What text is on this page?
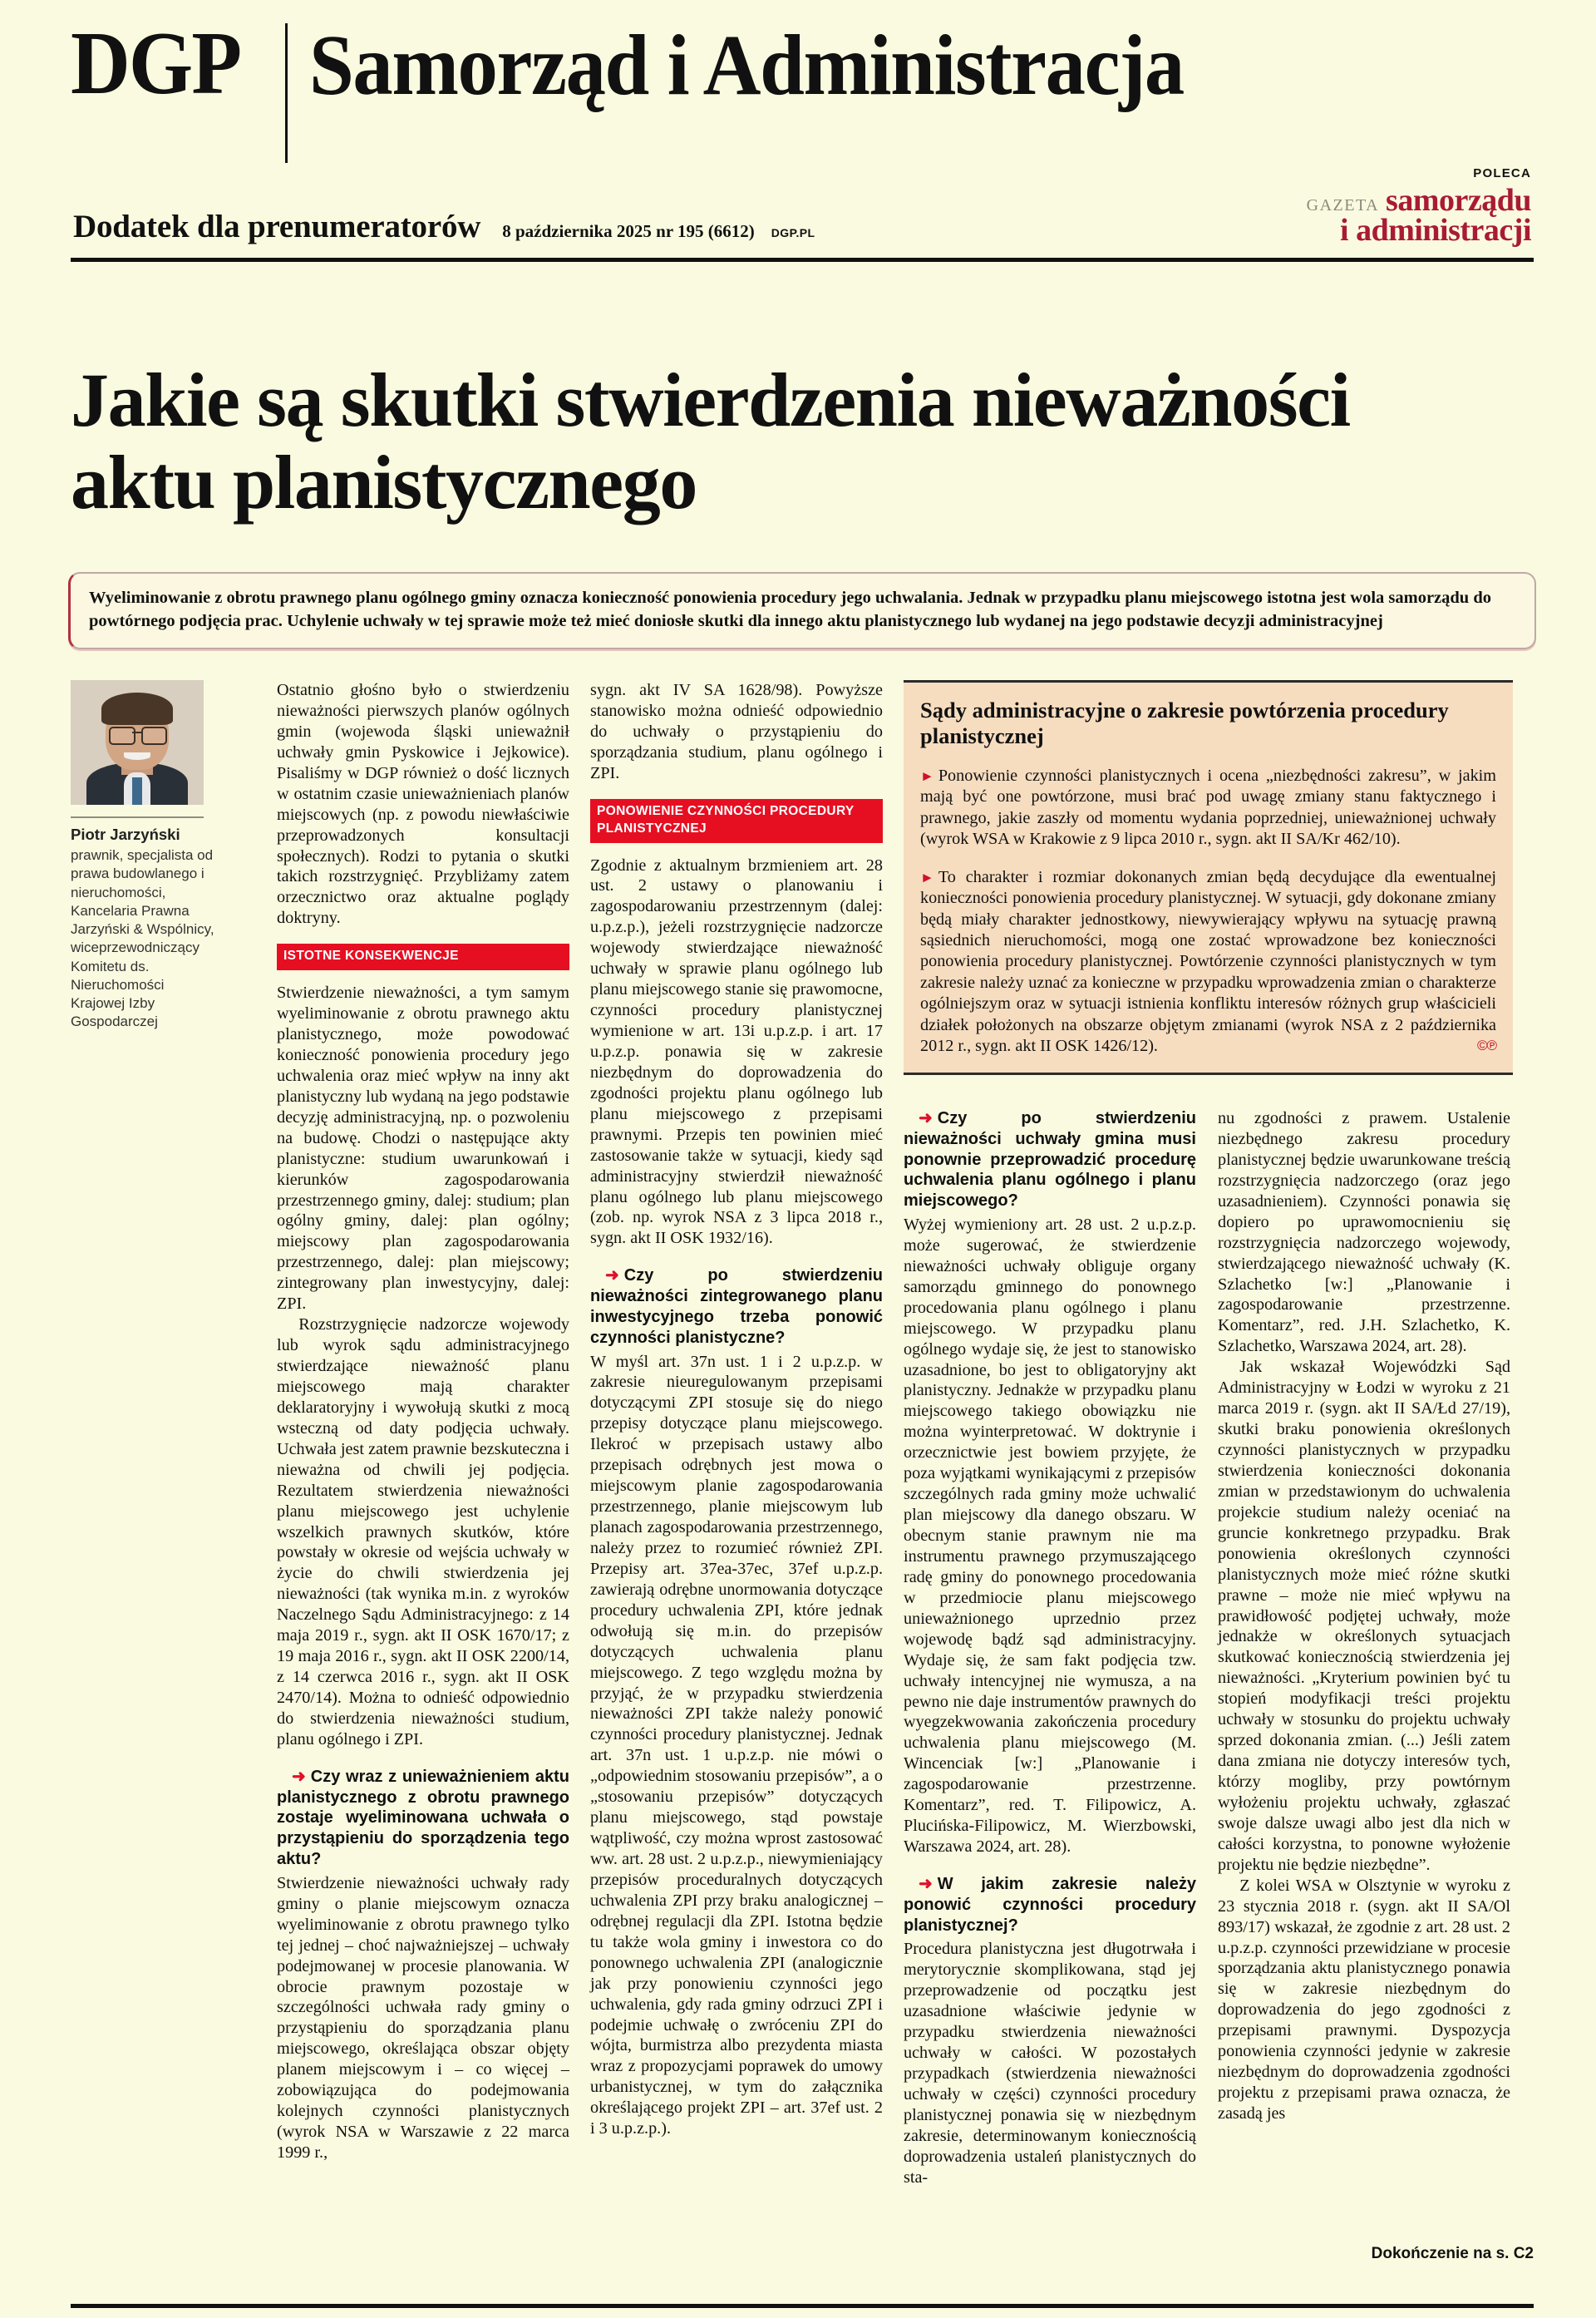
DGP Samorząd i Administracja
POLECA
GAZETA samorządu
i administracji
Dodatek dla prenumeratorów 8 października 2025 nr 195 (6612) DGP.PL
Jakie są skutki stwierdzenia nieważności aktu planistycznego
Wyeliminowanie z obrotu prawnego planu ogólnego gminy oznacza konieczność ponowienia procedury jego uchwalania. Jednak w przypadku planu miejscowego istotna jest wola samorządu do powtórnego podjęcia prac. Uchylenie uchwały w tej sprawie może też mieć doniosłe skutki dla innego aktu planistycznego lub wydanej na jego podstawie decyzji administracyjnej
Piotr Jarzyński
prawnik, specjalista od prawa budowlanego i nieruchomości, Kancelaria Prawna Jarzyński & Wspólnicy, wiceprzewodniczący Komitetu ds. Nieruchomości Krajowej Izby Gospodarczej

Ostatnio głośno było o stwierdzeniu nieważności pierwszych planów ogólnych gmin (wojewoda śląski unieważnił uchwały gmin Pyskowice i Jejkowice). Pisaliśmy w DGP również o dość licznych w ostatnim czasie unieważnieniach planów miejscowych (np. z powodu niewłaściwie przeprowadzonych konsultacji społecznych). Rodzi to pytania o skutki takich rozstrzygnięć. Przybliżamy zatem orzecznictwo oraz aktualne poglądy doktryny.

ISTOTNE KONSEKWENCJE

Stwierdzenie nieważności, a tym samym wyeliminowanie z obrotu prawnego aktu planistycznego, może powodować konieczność ponowienia procedury jego uchwalenia oraz mieć wpływ na inny akt planistyczny lub wydaną na jego podstawie decyzję administracyjną, np. o pozwoleniu na budowę. Chodzi o następujące akty planistyczne: studium uwarunkowań i kierunków zagospodarowania przestrzennego gminy, dalej: studium; plan ogólny gminy, dalej: plan ogólny; miejscowy plan zagospodarowania przestrzennego, dalej: plan miejscowy; zintegrowany plan inwestycyjny, dalej: ZPI.

Rozstrzygnięcie nadzorcze wojewody lub wyrok sądu administracyjnego stwierdzające nieważność planu miejscowego mają charakter deklaratoryjny i wywołują skutki z mocą wsteczną od daty podjęcia uchwały. Uchwała jest zatem prawnie bezskuteczna i nieważna od chwili jej podjęcia. Rezultatem stwierdzenia nieważności planu miejscowego jest uchylenie wszelkich prawnych skutków, które powstały w okresie od wejścia uchwały w życie do chwili stwierdzenia jej nieważności (tak wynika m.in. z wyroków Naczelnego Sądu Administracyjnego: z 14 maja 2019 r., sygn. akt II OSK 1670/17; z 19 maja 2016 r., sygn. akt II OSK 2200/14, z 14 czerwca 2016 r., sygn. akt II OSK 2470/14). Można to odnieść odpowiednio do stwierdzenia nieważności studium, planu ogólnego i ZPI.

➜ Czy wraz z unieważnieniem aktu planistycznego z obrotu prawnego zostaje wyeliminowana uchwała o przystąpieniu do sporządzenia tego aktu?

Stwierdzenie nieważności uchwały rady gminy o planie miejscowym oznacza wyeliminowanie z obrotu prawnego tylko tej jednej – choć najważniejszej – uchwały podejmowanej w procesie planowania. W obrocie prawnym pozostaje w szczególności uchwała rady gminy o przystąpieniu do sporządzania planu miejscowego, określająca obszar objęty planem miejscowym i – co więcej – zobowiązująca do podejmowania kolejnych czynności planistycznych (wyrok NSA w Warszawie z 22 marca 1999 r.,

sygn. akt IV SA 1628/98). Powyższe stanowisko można odnieść odpowiednio do uchwały o przystąpieniu do sporządzania studium, planu ogólnego i ZPI.

PONOWIENIE CZYNNOŚCI PROCEDURY PLANISTYCZNEJ

Zgodnie z aktualnym brzmieniem art. 28 ust. 2 ustawy o planowaniu i zagospodarowaniu przestrzennym (dalej: u.p.z.p.), jeżeli rozstrzygnięcie nadzorcze wojewody stwierdzające nieważność uchwały w sprawie planu ogólnego lub planu miejscowego stanie się prawomocne, czynności procedury planistycznej wymienione w art. 13i u.p.z.p. i art. 17 u.p.z.p. ponawia się w zakresie niezbędnym do doprowadzenia do zgodności projektu planu ogólnego lub planu miejscowego z przepisami prawnymi. Przepis ten powinien mieć zastosowanie także w sytuacji, kiedy sąd administracyjny stwierdził nieważność planu ogólnego lub planu miejscowego (zob. np. wyrok NSA z 3 lipca 2018 r., sygn. akt II OSK 1932/16).

➜ Czy po stwierdzeniu nieważności zintegrowanego planu inwestycyjnego trzeba ponowić czynności planistyczne?

W myśl art. 37n ust. 1 i 2 u.p.z.p. w zakresie nieuregulowanym przepisami dotyczącymi ZPI stosuje się do niego przepisy dotyczące planu miejscowego. Ilekroć w przepisach ustawy albo przepisach odrębnych jest mowa o miejscowym planie zagospodarowania przestrzennego, planie miejscowym lub planach zagospodarowania przestrzennego, należy przez to rozumieć również ZPI. Przepisy art. 37ea-37ec, 37ef u.p.z.p. zawierają odrębne unormowania dotyczące procedury uchwalenia ZPI, które jednak odwołują się m.in. do przepisów dotyczących uchwalenia planu miejscowego. Z tego względu można by przyjąć, że w przypadku stwierdzenia nieważności ZPI także należy ponowić czynności procedury planistycznej. Jednak art. 37n ust. 1 u.p.z.p. nie mówi o „odpowiednim stosowaniu przepisów”, a o „stosowaniu przepisów” dotyczących planu miejscowego, stąd powstaje wątpliwość, czy można wprost zastosować ww. art. 28 ust. 2 u.p.z.p., niewymieniający przepisów proceduralnych dotyczących uchwalenia ZPI przy braku analogicznej – odrębnej regulacji dla ZPI. Istotna będzie tu także wola gminy i inwestora co do ponownego uchwalenia ZPI (analogicznie jak przy ponowieniu czynności jego uchwalenia, gdy rada gminy odrzuci ZPI i podejmie uchwałę o zwróceniu ZPI do wójta, burmistrza albo prezydenta miasta wraz z propozycjami poprawek do umowy urbanistycznej, w tym do załącznika określającego projekt ZPI – art. 37ef ust. 2 i 3 u.p.z.p.).

Sądy administracyjne o zakresie powtórzenia procedury planistycznej

► Ponowienie czynności planistycznych i ocena „niezbędności zakresu”, w jakim mają być one powtórzone, musi brać pod uwagę zmiany stanu faktycznego i prawnego, jakie zaszły od momentu wydania poprzedniej, unieważnionej uchwały (wyrok WSA w Krakowie z 9 lipca 2010 r., sygn. akt II SA/Kr 462/10).

► To charakter i rozmiar dokonanych zmian będą decydujące dla ewentualnej konieczności ponowienia procedury planistycznej. W sytuacji, gdy dokonane zmiany będą miały charakter jednostkowy, niewywierający wpływu na sytuację prawną sąsiednich nieruchomości, mogą one zostać wprowadzone bez konieczności ponowienia procedury planistycznej. Powtórzenie czynności planistycznych w tym zakresie należy uznać za konieczne w przypadku wprowadzenia zmian o charakterze ogólniejszym oraz w sytuacji istnienia konfliktu interesów różnych grup właścicieli działek położonych na obszarze objętym zmianami (wyrok NSA z 2 października 2012 r., sygn. akt II OSK 1426/12).	©℗

➜ Czy po stwierdzeniu nieważności uchwały gmina musi ponownie przeprowadzić procedurę uchwalenia planu ogólnego i planu miejscowego?

Wyżej wymieniony art. 28 ust. 2 u.p.z.p. może sugerować, że stwierdzenie nieważności uchwały obliguje organy samorządu gminnego do ponownego procedowania planu ogólnego i planu miejscowego. W przypadku planu ogólnego wydaje się, że jest to stanowisko uzasadnione, bo jest to obligatoryjny akt planistyczny. Jednakże w przypadku planu miejscowego takiego obowiązku nie można wyinterpretować. W doktrynie i orzecznictwie jest bowiem przyjęte, że poza wyjątkami wynikającymi z przepisów szczególnych rada gminy może uchwalić plan miejscowy dla danego obszaru. W obecnym stanie prawnym nie ma instrumentu prawnego przymuszającego radę gminy do ponownego procedowania w przedmiocie planu miejscowego unieważnionego uprzednio przez wojewodę bądź sąd administracyjny. Wydaje się, że sam fakt podjęcia tzw. uchwały intencyjnej nie wymusza, a na pewno nie daje instrumentów prawnych do wyegzekwowania zakończenia procedury uchwalenia planu miejscowego (M. Wincenciak [w:] „Planowanie i zagospodarowanie przestrzenne. Komentarz”, red. T. Filipowicz, A. Plucińska-Filipowicz, M. Wierzbowski, Warszawa 2024, art. 28).

➜ W jakim zakresie należy ponowić czynności procedury planistycznej?

Procedura planistyczna jest długotrwała i merytorycznie skomplikowana, stąd jej przeprowadzenie od początku jest uzasadnione właściwie jedynie w przypadku stwierdzenia nieważności uchwały w całości. W pozostałych przypadkach (stwierdzenia nieważności uchwały w części) czynności procedury planistycznej ponawia się w niezbędnym zakresie, determinowanym koniecznością doprowadzenia ustaleń planistycznych do sta-

nu zgodności z prawem. Ustalenie niezbędnego zakresu procedury planistycznej będzie uwarunkowane treścią rozstrzygnięcia nadzorczego (oraz jego uzasadnieniem). Czynności ponawia się dopiero po uprawomocnieniu się rozstrzygnięcia nadzorczego wojewody, stwierdzającego nieważność uchwały (K. Szlachetko [w:] „Planowanie i zagospodarowanie przestrzenne. Komentarz”, red. J.H. Szlachetko, K. Szlachetko, Warszawa 2024, art. 28).

Jak wskazał Wojewódzki Sąd Administracyjny w Łodzi w wyroku z 21 marca 2019 r. (sygn. akt II SA/Łd 27/19), skutki braku ponowienia określonych czynności planistycznych w przypadku stwierdzenia konieczności dokonania zmian w przedstawionym do uchwalenia projekcie studium należy oceniać na gruncie konkretnego przypadku. Brak ponowienia określonych czynności planistycznych może mieć różne skutki prawne – może nie mieć wpływu na prawidłowość podjętej uchwały, może jednakże w określonych sytuacjach skutkować koniecznością stwierdzenia jej nieważności. „Kryterium powinien być tu stopień modyfikacji treści projektu uchwały w stosunku do projektu uchwały sprzed dokonania zmian. (...) Jeśli zatem dana zmiana nie dotyczy interesów tych, którzy mogliby, przy powtórnym wyłożeniu projektu uchwały, zgłaszać swoje dalsze uwagi albo jest dla nich w całości korzystna, to ponowne wyłożenie projektu nie będzie niezbędne”.

Z kolei WSA w Olsztynie w wyroku z 23 stycznia 2018 r. (sygn. akt II SA/Ol 893/17) wskazał, że zgodnie z art. 28 ust. 2 u.p.z.p. czynności przewidziane w procesie sporządzania aktu planistycznego ponawia się w zakresie niezbędnym do doprowadzenia do jego zgodności z przepisami prawnymi. Dyspozycja ponowienia czynności jedynie w zakresie niezbędnym do doprowadzenia zgodności projektu z przepisami prawa oznacza, że zasadą jes

Dokończenie na s. C2
